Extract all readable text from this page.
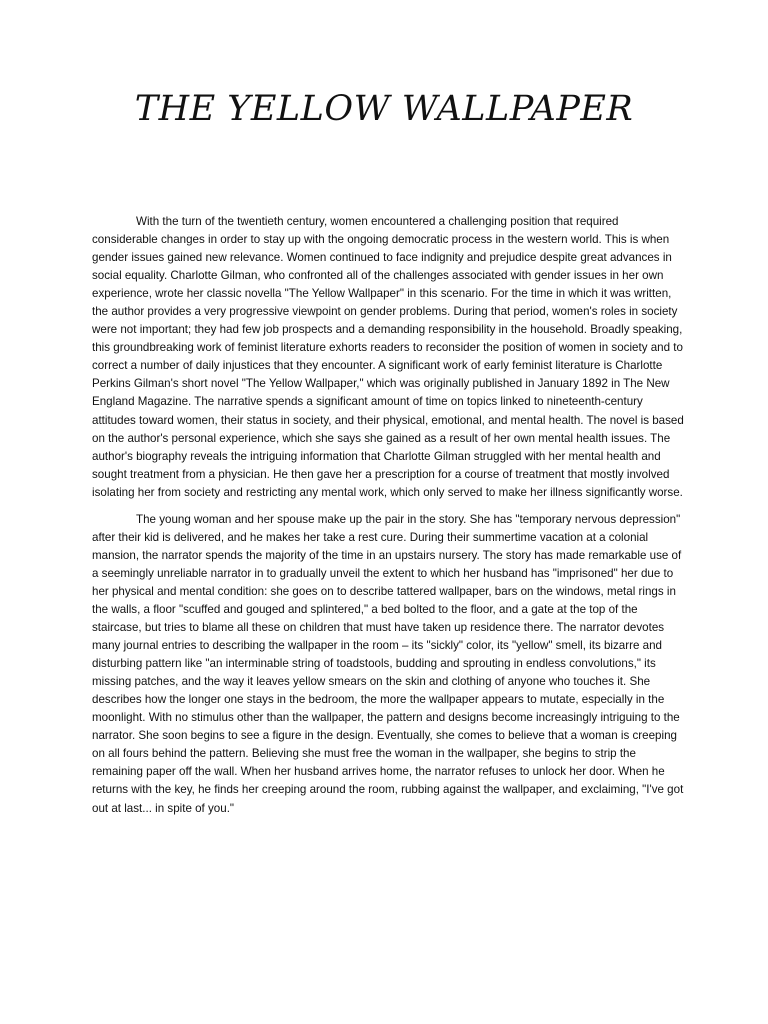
THE YELLOW WALLPAPER

With the turn of the twentieth century, women encountered a challenging position that required considerable changes in order to stay up with the ongoing democratic process in the western world. This is when gender issues gained new relevance. Women continued to face indignity and prejudice despite great advances in social equality. Charlotte Gilman, who confronted all of the challenges associated with gender issues in her own experience, wrote her classic novella "The Yellow Wallpaper" in this scenario. For the time in which it was written, the author provides a very progressive viewpoint on gender problems. During that period, women's roles in society were not important; they had few job prospects and a demanding responsibility in the household. Broadly speaking, this groundbreaking work of feminist literature exhorts readers to reconsider the position of women in society and to correct a number of daily injustices that they encounter. A significant work of early feminist literature is Charlotte Perkins Gilman's short novel "The Yellow Wallpaper," which was originally published in January 1892 in The New England Magazine. The narrative spends a significant amount of time on topics linked to nineteenth-century attitudes toward women, their status in society, and their physical, emotional, and mental health. The novel is based on the author's personal experience, which she says she gained as a result of her own mental health issues. The author's biography reveals the intriguing information that Charlotte Gilman struggled with her mental health and sought treatment from a physician. He then gave her a prescription for a course of treatment that mostly involved isolating her from society and restricting any mental work, which only served to make her illness significantly worse.

The young woman and her spouse make up the pair in the story. She has "temporary nervous depression" after their kid is delivered, and he makes her take a rest cure. During their summertime vacation at a colonial mansion, the narrator spends the majority of the time in an upstairs nursery. The story has made remarkable use of a seemingly unreliable narrator in to gradually unveil the extent to which her husband has "imprisoned" her due to her physical and mental condition: she goes on to describe tattered wallpaper, bars on the windows, metal rings in the walls, a floor "scuffed and gouged and splintered," a bed bolted to the floor, and a gate at the top of the staircase, but tries to blame all these on children that must have taken up residence there. The narrator devotes many journal entries to describing the wallpaper in the room – its "sickly" color, its "yellow" smell, its bizarre and disturbing pattern like "an interminable string of toadstools, budding and sprouting in endless convolutions," its missing patches, and the way it leaves yellow smears on the skin and clothing of anyone who touches it. She describes how the longer one stays in the bedroom, the more the wallpaper appears to mutate, especially in the moonlight. With no stimulus other than the wallpaper, the pattern and designs become increasingly intriguing to the narrator. She soon begins to see a figure in the design. Eventually, she comes to believe that a woman is creeping on all fours behind the pattern. Believing she must free the woman in the wallpaper, she begins to strip the remaining paper off the wall. When her husband arrives home, the narrator refuses to unlock her door. When he returns with the key, he finds her creeping around the room, rubbing against the wallpaper, and exclaiming, "I've got out at last... in spite of you."
